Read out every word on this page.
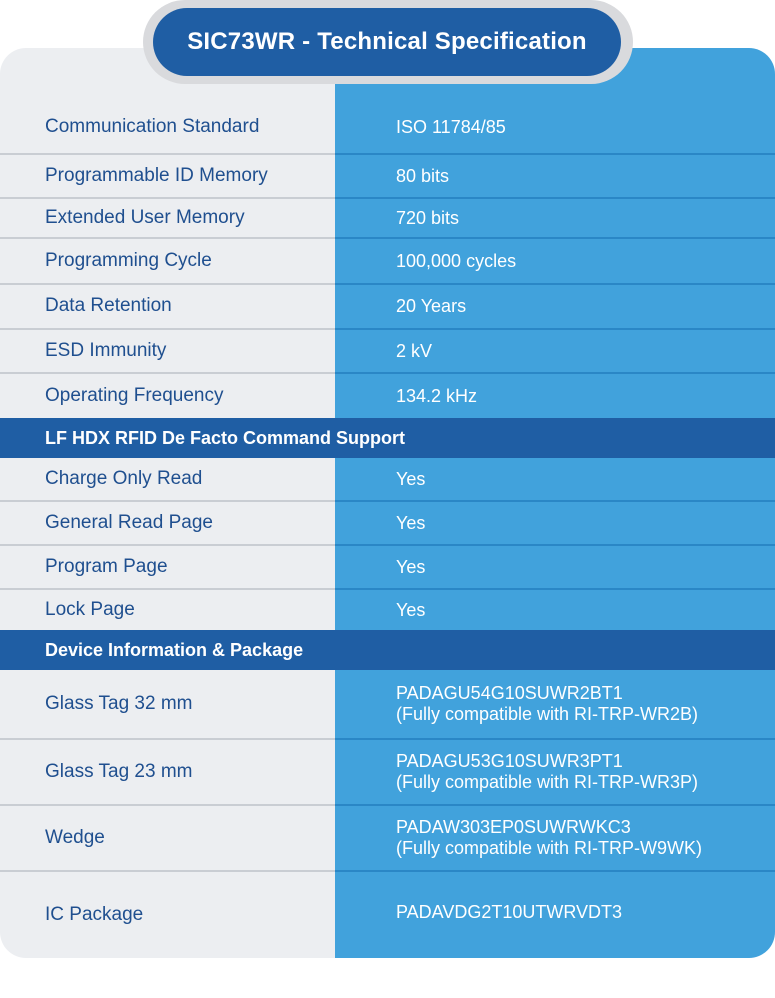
Communication Standard	ISO 11784/85
Programmable ID Memory	80 bits
Extended User Memory	720 bits
Programming Cycle	100,000 cycles
Data Retention	20 Years
ESD Immunity	2 kV
Operating Frequency	134.2 kHz
LF HDX RFID De Facto Command Support
Charge Only Read	Yes
General Read Page	Yes
Program Page	Yes
Lock Page	Yes
Device Information & Package
Glass Tag 32 mm	PADAGU54G10SUWR2BT1
(Fully compatible with RI-TRP-WR2B)
Glass Tag 23 mm	PADAGU53G10SUWR3PT1
(Fully compatible with RI-TRP-WR3P)
Wedge	PADAW303EP0SUWRWKC3
(Fully compatible with RI-TRP-W9WK)
IC Package	PADAVDG2T10UTWRVDT3
SIC73WR - Technical Specification
